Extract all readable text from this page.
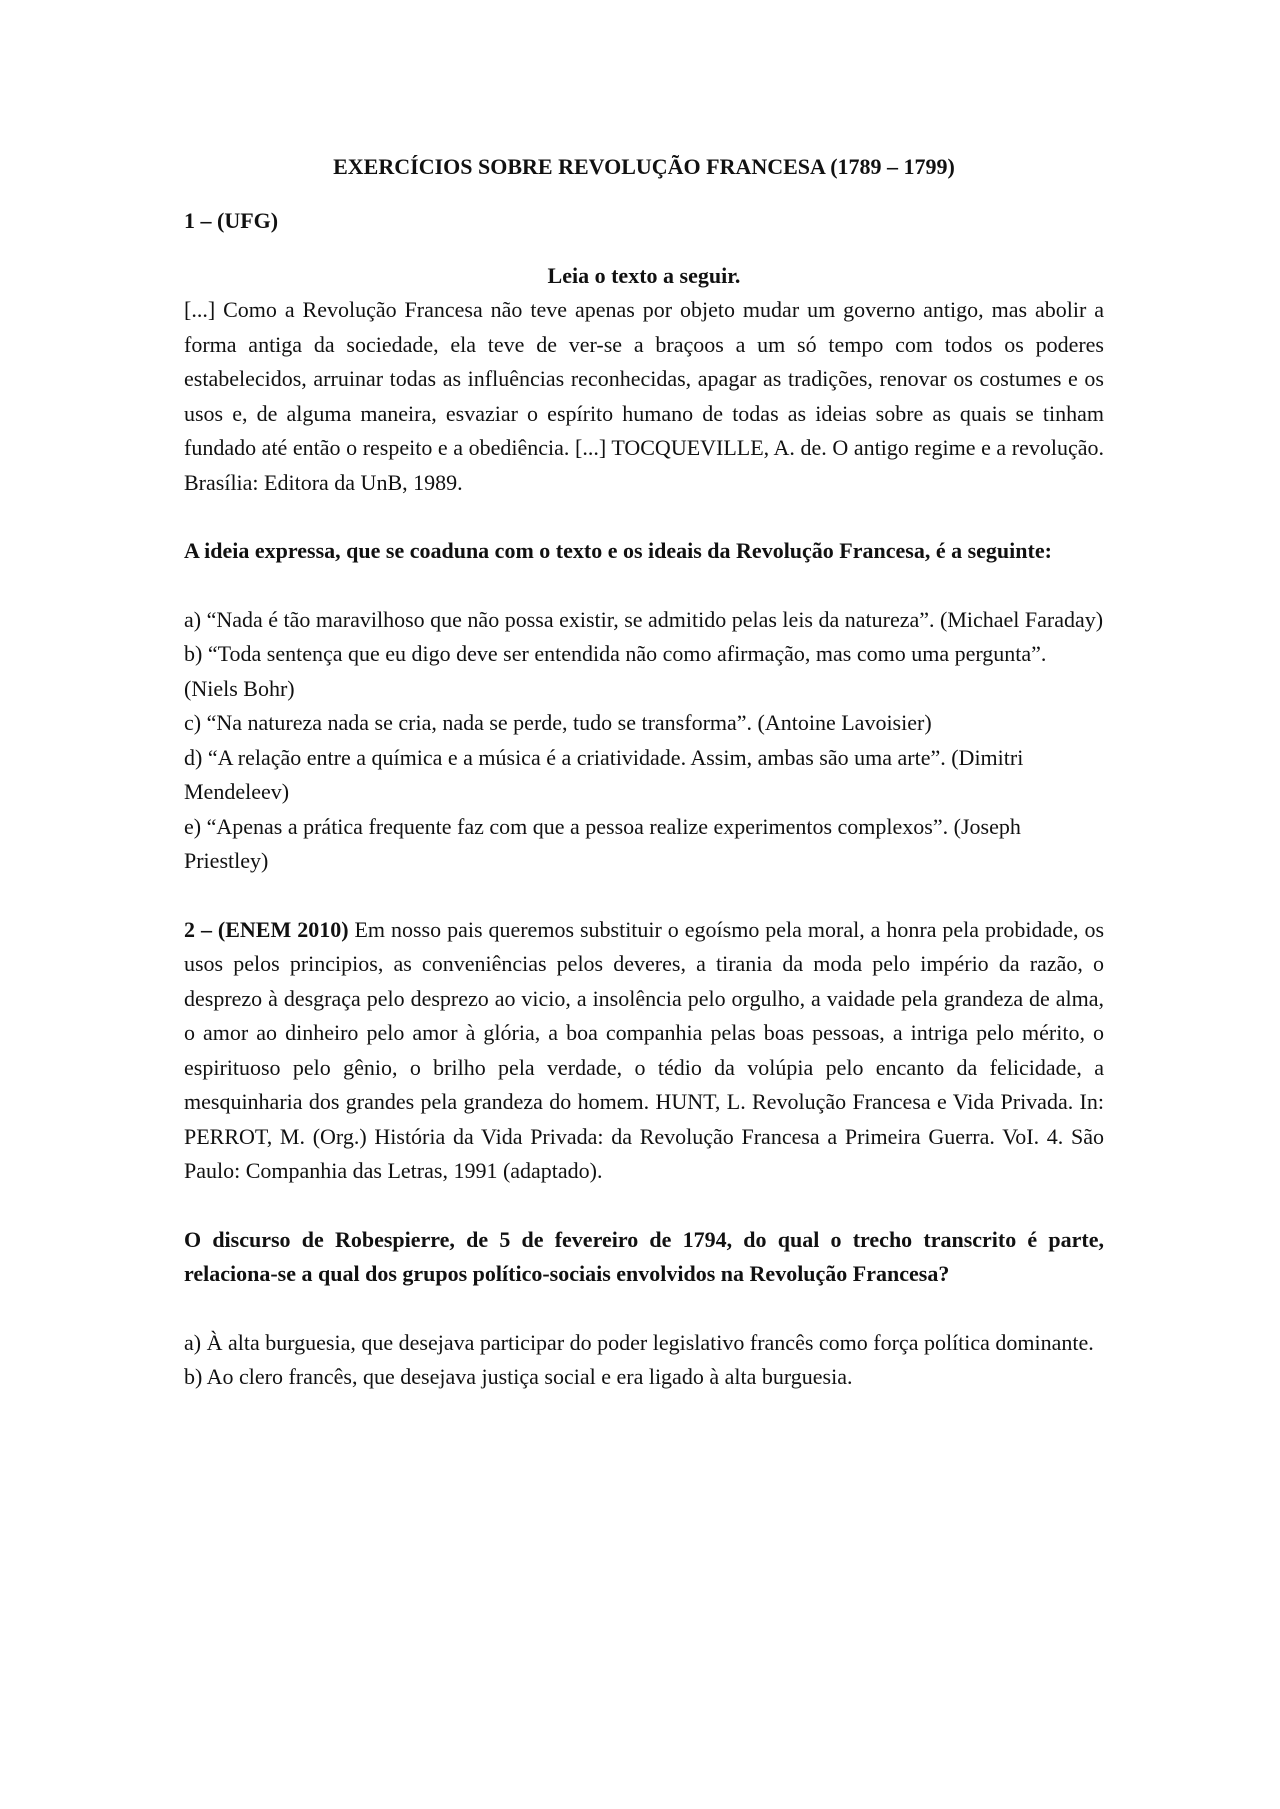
EXERCÍCIOS SOBRE REVOLUÇÃO FRANCESA (1789 – 1799)
1 – (UFG)
Leia o texto a seguir.

[...] Como a Revolução Francesa não teve apenas por objeto mudar um governo antigo, mas abolir a forma antiga da sociedade, ela teve de ver-se a braçoos a um só tempo com todos os poderes estabelecidos, arruinar todas as influências reconhecidas, apagar as tradições, renovar os costumes e os usos e, de alguma maneira, esvaziar o espírito humano de todas as ideias sobre as quais se tinham fundado até então o respeito e a obediência. [...] TOCQUEVILLE, A. de. O antigo regime e a revolução. Brasília: Editora da UnB, 1989.

A ideia expressa, que se coaduna com o texto e os ideais da Revolução Francesa, é a seguinte:

a) “Nada é tão maravilhoso que não possa existir, se admitido pelas leis da natureza”. (Michael Faraday)

b) “Toda sentença que eu digo deve ser entendida não como afirmação, mas como uma pergunta”. (Niels Bohr)

c) “Na natureza nada se cria, nada se perde, tudo se transforma”. (Antoine Lavoisier)

d) “A relação entre a química e a música é a criatividade. Assim, ambas são uma arte”. (Dimitri Mendeleev)

e) “Apenas a prática frequente faz com que a pessoa realize experimentos complexos”. (Joseph Priestley)

2 – (ENEM 2010) Em nosso pais queremos substituir o egoísmo pela moral, a honra pela probidade, os usos pelos principios, as conveniências pelos deveres, a tirania da moda pelo império da razão, o desprezo à desgraça pelo desprezo ao vicio, a insolência pelo orgulho, a vaidade pela grandeza de alma, o amor ao dinheiro pelo amor à glória, a boa companhia pelas boas pessoas, a intriga pelo mérito, o espirituoso pelo gênio, o brilho pela verdade, o tédio da volúpia pelo encanto da felicidade, a mesquinharia dos grandes pela grandeza do homem. HUNT, L. Revolução Francesa e Vida Privada. In: PERROT, M. (Org.) História da Vida Privada: da Revolução Francesa a Primeira Guerra. VoI. 4. São Paulo: Companhia das Letras, 1991 (adaptado).

O discurso de Robespierre, de 5 de fevereiro de 1794, do qual o trecho transcrito é parte, relaciona-se a qual dos grupos político-sociais envolvidos na Revolução Francesa?

a) À alta burguesia, que desejava participar do poder legislativo francês como força política dominante.

b) Ao clero francês, que desejava justiça social e era ligado à alta burguesia.
